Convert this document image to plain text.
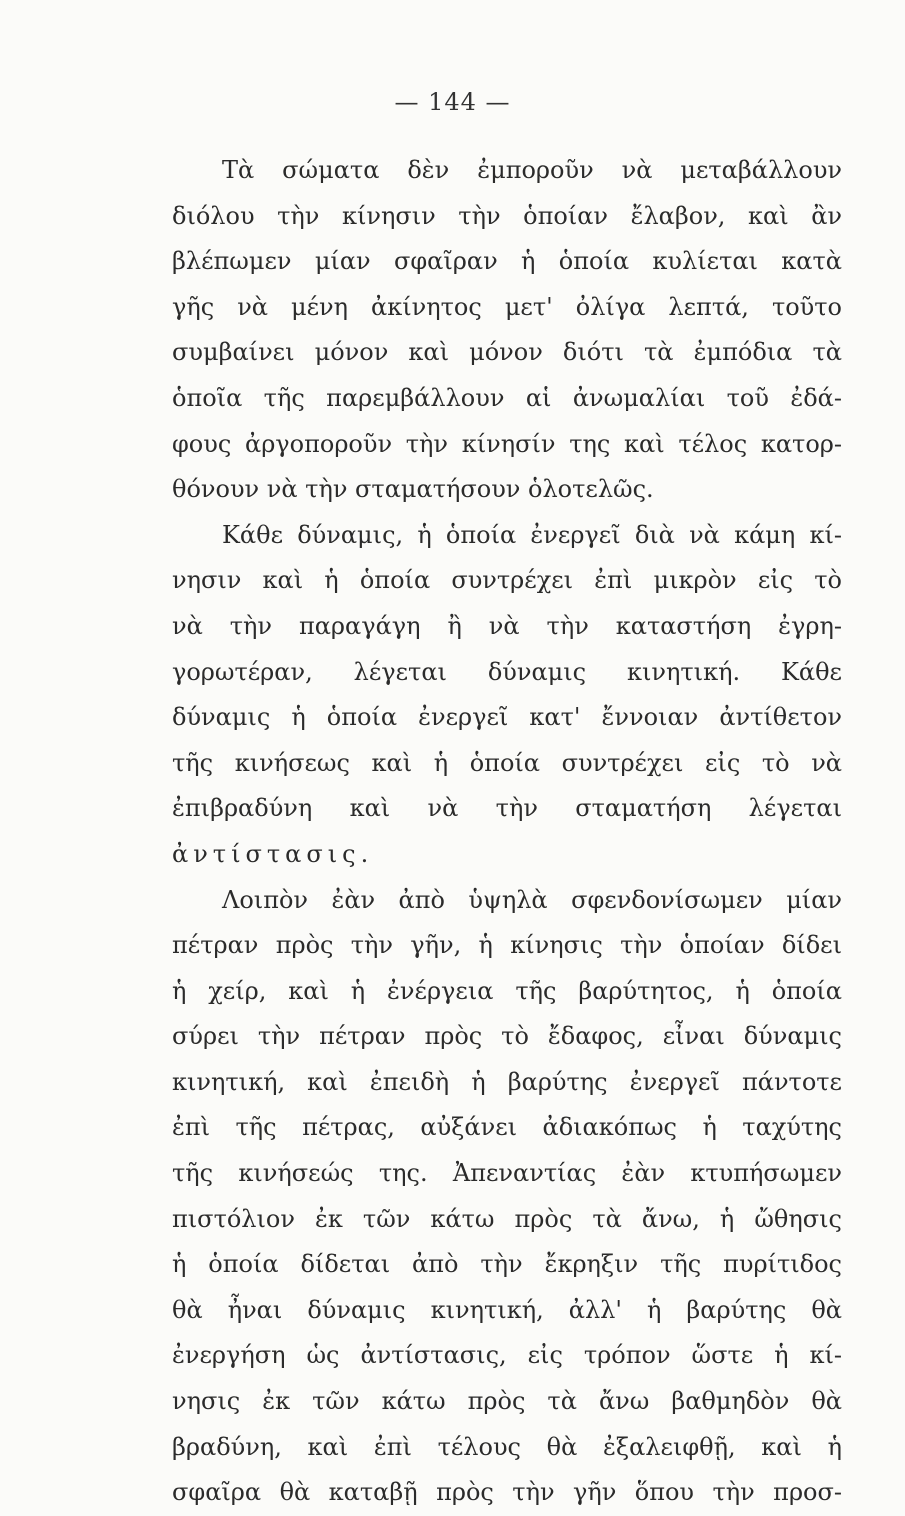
— 144 —
Τὰ σώματα δὲν ἐμποροῦν νὰ μεταβάλλουν
διόλου τὴν κίνησιν τὴν ὁποίαν ἔλαβον, καὶ ἂν
βλέπωμεν μίαν σφαῖραν ἡ ὁποία κυλίεται κατὰ
γῆς νὰ μένη ἀκίνητος μετ' ὀλίγα λεπτά, τοῦτο
συμβαίνει μόνον καὶ μόνον διότι τὰ ἐμπόδια τὰ
ὁποῖα τῆς παρεμβάλλουν αἱ ἀνωμαλίαι τοῦ ἐδά-
φους ἀργοποροῦν τὴν κίνησίν της καὶ τέλος κατορ-
θόνουν νὰ τὴν σταματήσουν ὁλοτελῶς.
Κάθε δύναμις, ἡ ὁποία ἐνεργεῖ διὰ νὰ κάμη κί-
νησιν καὶ ἡ ὁποία συντρέχει ἐπὶ μικρὸν εἰς τὸ
νὰ τὴν παραγάγη ἢ νὰ τὴν καταστήση ἐγρη-
γορωτέραν, λέγεται δύναμις κινητική. Κάθε
δύναμις ἡ ὁποία ἐνεργεῖ κατ' ἔννοιαν ἀντίθετον
τῆς κινήσεως καὶ ἡ ὁποία συντρέχει εἰς τὸ νὰ
ἐπιβραδύνη καὶ νὰ τὴν σταματήση λέγεται
ἀντίστασις.
Λοιπὸν ἐὰν ἀπὸ ὑψηλὰ σφενδονίσωμεν μίαν
πέτραν πρὸς τὴν γῆν, ἡ κίνησις τὴν ὁποίαν δίδει
ἡ χείρ, καὶ ἡ ἐνέργεια τῆς βαρύτητος, ἡ ὁποία
σύρει τὴν πέτραν πρὸς τὸ ἔδαφος, εἶναι δύναμις
κινητική, καὶ ἐπειδὴ ἡ βαρύτης ἐνεργεῖ πάντοτε
ἐπὶ τῆς πέτρας, αὐξάνει ἀδιακόπως ἡ ταχύτης
τῆς κινήσεώς της. Ἀπεναντίας ἐὰν κτυπήσωμεν
πιστόλιον ἐκ τῶν κάτω πρὸς τὰ ἄνω, ἡ ὤθησις
ἡ ὁποία δίδεται ἀπὸ τὴν ἔκρηξιν τῆς πυρίτιδος
θὰ ἦναι δύναμις κινητική, ἀλλ' ἡ βαρύτης θὰ
ἐνεργήση ὡς ἀντίστασις, εἰς τρόπον ὥστε ἡ κί-
νησις ἐκ τῶν κάτω πρὸς τὰ ἄνω βαθμηδὸν θὰ
βραδύνη, καὶ ἐπὶ τέλους θὰ ἐξαλειφθῇ, καὶ ἡ
σφαῖρα θὰ καταβῇ πρὸς τὴν γῆν ὅπου τὴν προσ-
